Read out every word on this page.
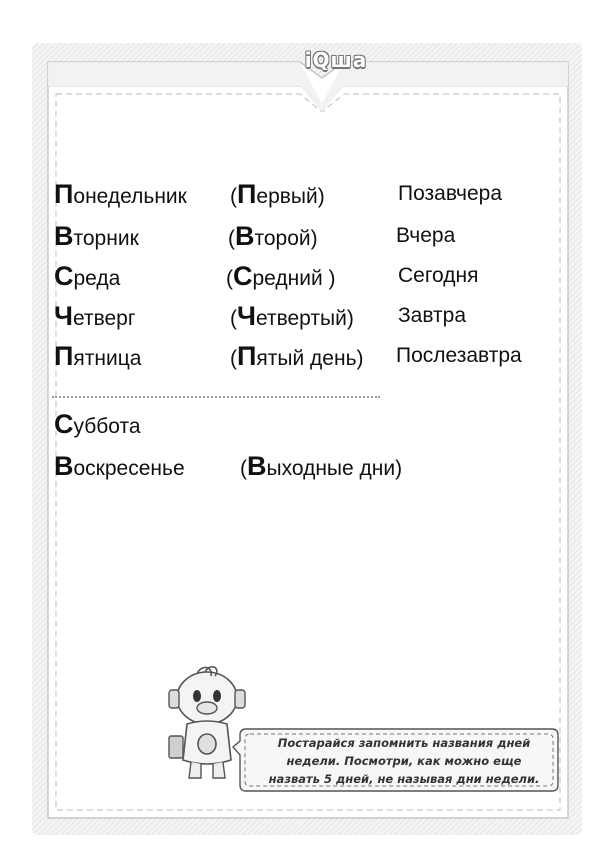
iQша
Понедельник (Первый)	Позавчера
Вторник	(Второй)	Вчера
Среда	(Средний )	Сегодня
Четверг	(Четвертый) Завтра
Пятница	(Пятый день) Послезавтра
Суббота
Воскресенье	(Выходные дни)
Постарайся запомнить названия дней
недели. Посмотри, как можно еще
назвать 5 дней, не называя дни недели.
